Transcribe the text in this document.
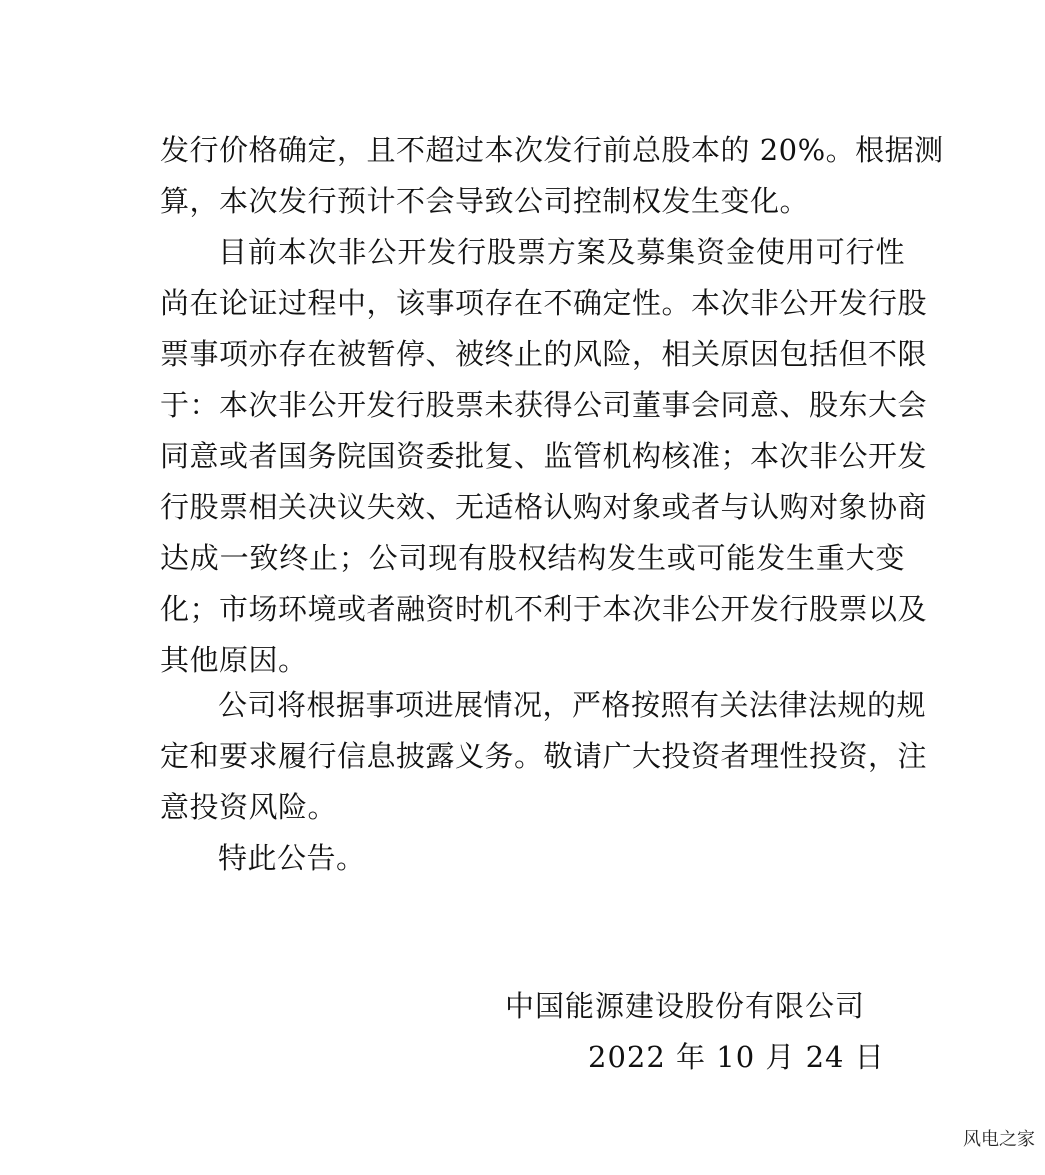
发行价格确定，且不超过本次发行前总股本的 20%。根据测
算，本次发行预计不会导致公司控制权发生变化。
目前本次非公开发行股票方案及募集资金使用可行性
尚在论证过程中，该事项存在不确定性。本次非公开发行股
票事项亦存在被暂停、被终止的风险，相关原因包括但不限
于：本次非公开发行股票未获得公司董事会同意、股东大会
同意或者国务院国资委批复、监管机构核准；本次非公开发
行股票相关决议失效、无适格认购对象或者与认购对象协商
达成一致终止；公司现有股权结构发生或可能发生重大变
化；市场环境或者融资时机不利于本次非公开发行股票以及
其他原因。
公司将根据事项进展情况，严格按照有关法律法规的规
定和要求履行信息披露义务。敬请广大投资者理性投资，注
意投资风险。
特此公告。
中国能源建设股份有限公司
2022 年 10 月 24 日
风电之家
